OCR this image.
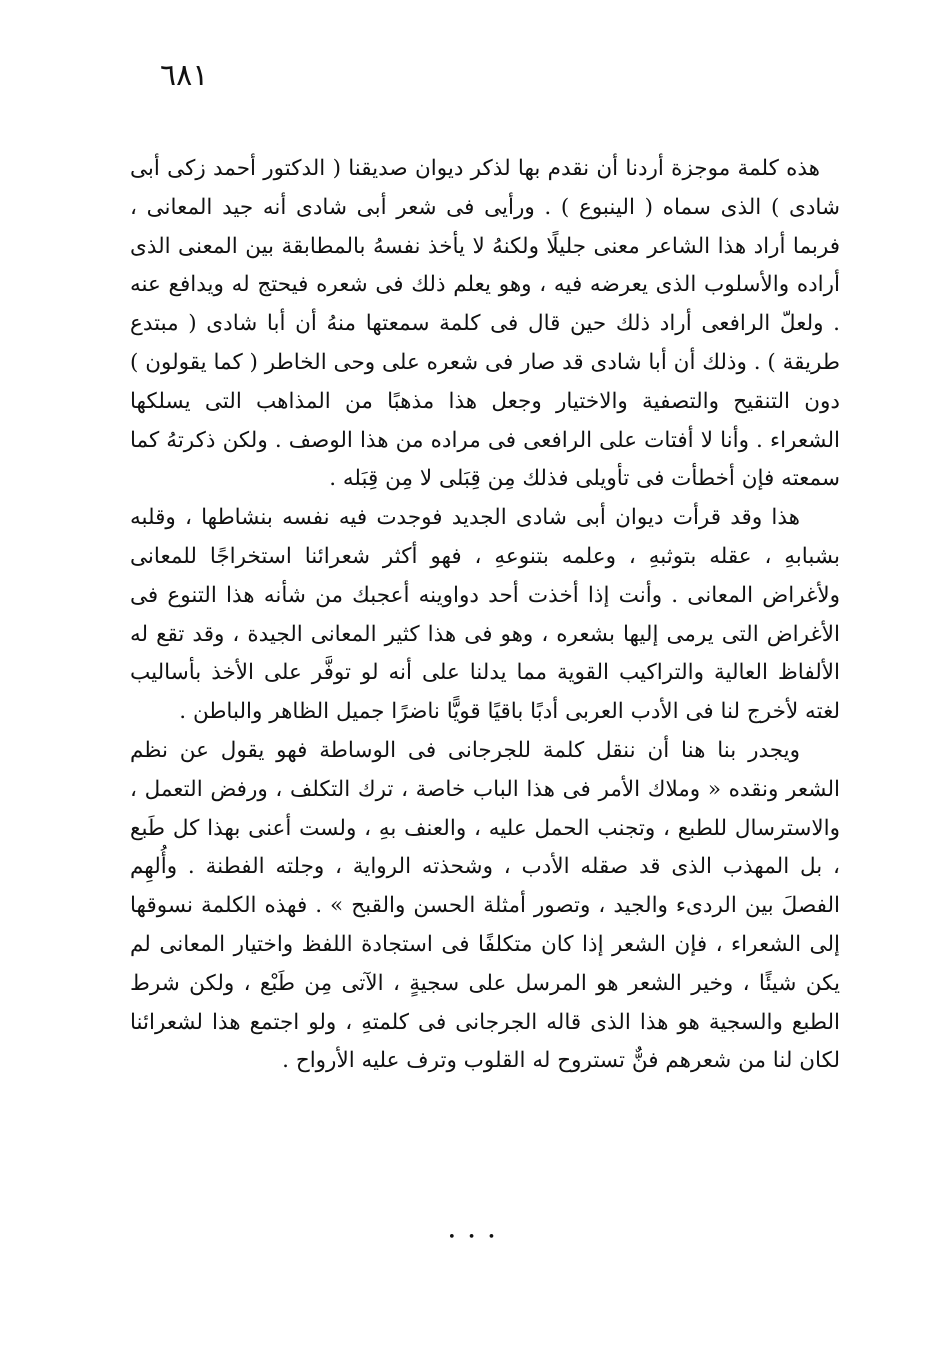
٦٨١

هذه كلمة موجزة أردنا أن نقدم بها لذكر ديوان صديقنا ( الدكتور أحمد زكى أبى شادى ) الذى سماه ( الينبوع ) . ورأيى فى شعر أبى شادى أنه جيد المعانى ، فربما أراد هذا الشاعر معنى جليلًا ولكنهُ لا يأخذ نفسهُ بالمطابقة بين المعنى الذى أراده والأسلوب الذى يعرضه فيه ، وهو يعلم ذلك فى شعره فيحتج له ويدافع عنه . ولعلّ الرافعى أراد ذلك حين قال فى كلمة سمعتها منهُ أن أبا شادى ( مبتدع طريقة ) . وذلك أن أبا شادى قد صار فى شعره على وحى الخاطر ( كما يقولون ) دون التنقيح والتصفية والاختيار وجعل هذا مذهبًا من المذاهب التى يسلكها الشعراء . وأنا لا أفتات على الرافعى فى مراده من هذا الوصف . ولكن ذكرتهُ كما سمعته فإن أخطأت فى تأويلى فذلك مِن قِبَلى لا مِن قِبَله .

هذا وقد قرأت ديوان أبى شادى الجديد فوجدت فيه نفسه بنشاطها ، وقلبه بشبابهِ ، عقله بتوثبهِ ، وعلمه بتنوعهِ ، فهو أكثر شعرائنا استخراجًا للمعانى ولأغراض المعانى . وأنت إذا أخذت أحد دواوينه أعجبك من شأنه هذا التنوع فى الأغراض التى يرمى إليها بشعره ، وهو فى هذا كثير المعانى الجيدة ، وقد تقع له الألفاظ العالية والتراكيب القوية مما يدلنا على أنه لو توفَّر على الأخذ بأساليب لغته لأخرج لنا فى الأدب العربى أدبًا باقيًا قويًّا ناضرًا جميل الظاهر والباطن .

ويجدر بنا هنا أن ننقل كلمة للجرجانى فى الوساطة فهو يقول عن نظم الشعر ونقده « وملاك الأمر فى هذا الباب خاصة ، ترك التكلف ، ورفض التعمل ، والاسترسال للطبع ، وتجنب الحمل عليه ، والعنف بهِ ، ولست أعنى بهذا كل طَبع ، بل المهذب الذى قد صقله الأدب ، وشحذته الرواية ، وجلته الفطنة . وأُلهِم الفصلَ بين الردىء والجيد ، وتصور أمثلة الحسن والقبح » . فهذه الكلمة نسوقها إلى الشعراء ، فإن الشعر إذا كان متكلفًا فى استجادة اللفظ واختيار المعانى لم يكن شيئًا ، وخير الشعر هو المرسل على سجيةٍ ، الآتى مِن طَبْع ، ولكن شرط الطبع والسجية هو هذا الذى قاله الجرجانى فى كلمتهِ ، ولو اجتمع هذا لشعرائنا لكان لنا من شعرهم فنٌّ تستروح له القلوب وترف عليه الأرواح .

• • •
